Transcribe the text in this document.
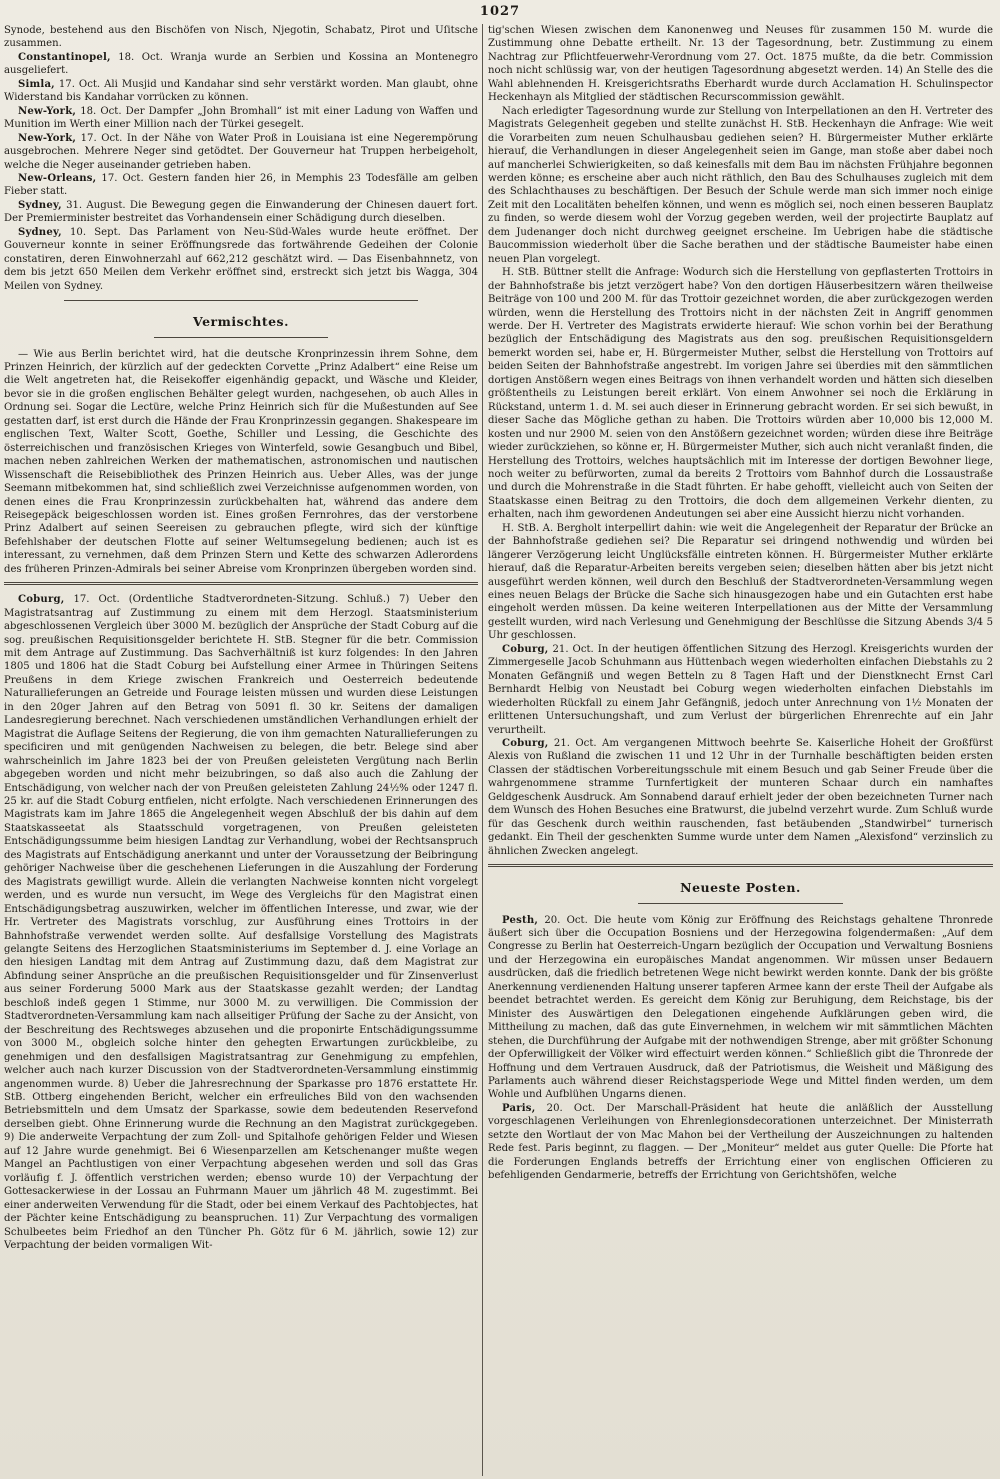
1027

Synode, bestehend aus den Bischöfen von Nisch, Njegotin, Schabatz, Pirot und Uſitsche zusammen.

Constantinopel, 18. Oct. Wranja wurde an Serbien und Kossina an Montenegro ausgeliefert.

Simla, 17. Oct. Ali Musjid und Kandahar sind sehr verstärkt worden. Man glaubt, ohne Widerstand bis Kandahar vorrücken zu können.

New-York, 18. Oct. Der Dampfer „John Bromhall“ ist mit einer Ladung von Waffen und Munition im Werth einer Million nach der Türkei gesegelt.

New-York, 17. Oct. In der Nähe von Water Proß in Louisiana ist eine Negerempörung ausgebrochen. Mehrere Neger sind getödtet. Der Gouverneur hat Truppen herbeigeholt, welche die Neger auseinander getrieben haben.

New-Orleans, 17. Oct. Gestern fanden hier 26, in Memphis 23 Todesfälle am gelben Fieber statt.

Sydney, 31. August. Die Bewegung gegen die Einwanderung der Chinesen dauert fort. Der Premierminister bestreitet das Vorhandensein einer Schädigung durch dieselben.

Sydney, 10. Sept. Das Parlament von Neu-Süd-Wales wurde heute eröffnet. Der Gouverneur konnte in seiner Eröffnungsrede das fortwährende Gedeihen der Colonie constatiren, deren Einwohnerzahl auf 662,212 geschätzt wird. — Das Eisenbahnnetz, von dem bis jetzt 650 Meilen dem Verkehr eröffnet sind, erstreckt sich jetzt bis Wagga, 304 Meilen von Sydney.

Vermischtes.

— Wie aus Berlin berichtet wird, hat die deutsche Kronprinzessin ihrem Sohne, dem Prinzen Heinrich, der kürzlich auf der gedeckten Corvette „Prinz Adalbert“ eine Reise um die Welt angetreten hat, die Reisekoffer eigenhändig gepackt, und Wäsche und Kleider, bevor sie in die großen englischen Behälter gelegt wurden, nachgesehen, ob auch Alles in Ordnung sei. Sogar die Lectüre, welche Prinz Heinrich sich für die Mußestunden auf See gestatten darf, ist erst durch die Hände der Frau Kronprinzessin gegangen. Shakespeare im englischen Text, Walter Scott, Goethe, Schiller und Lessing, die Geschichte des österreichischen und französischen Krieges von Winterfeld, sowie Gesangbuch und Bibel, machen neben zahlreichen Werken der mathematischen, astronomischen und nautischen Wissenschaft die Reisebibliothek des Prinzen Heinrich aus. Ueber Alles, was der junge Seemann mitbekommen hat, sind schließlich zwei Verzeichnisse aufgenommen worden, von denen eines die Frau Kronprinzessin zurückbehalten hat, während das andere dem Reisegepäck beigeschlossen worden ist. Eines großen Fernrohres, das der verstorbene Prinz Adalbert auf seinen Seereisen zu gebrauchen pflegte, wird sich der künftige Befehlshaber der deutschen Flotte auf seiner Weltumsegelung bedienen; auch ist es interessant, zu vernehmen, daß dem Prinzen Stern und Kette des schwarzen Adlerordens des früheren Prinzen-Admirals bei seiner Abreise vom Kronprinzen übergeben worden sind.

Coburg, 17. Oct. (Ordentliche Stadtverordneten-Sitzung. Schluß.) 7) Ueber den Magistratsantrag auf Zustimmung zu einem mit dem Herzogl. Staatsministerium abgeschlossenen Vergleich über 3000 M. bezüglich der Ansprüche der Stadt Coburg auf die sog. preußischen Requisitionsgelder berichtete H. StB. Stegner für die betr. Commission mit dem Antrage auf Zustimmung. Das Sachverhältniß ist kurz folgendes: In den Jahren 1805 und 1806 hat die Stadt Coburg bei Aufstellung einer Armee in Thüringen Seitens Preußens in dem Kriege zwischen Frankreich und Oesterreich bedeutende Naturallieferungen an Getreide und Fourage leisten müssen und wurden diese Leistungen in den 20ger Jahren auf den Betrag von 5091 fl. 30 kr. Seitens der damaligen Landesregierung berechnet. Nach verschiedenen umständlichen Verhandlungen erhielt der Magistrat die Auflage Seitens der Regierung, die von ihm gemachten Naturallieferungen zu specificiren und mit genügenden Nachweisen zu belegen, die betr. Belege sind aber wahrscheinlich im Jahre 1823 bei der von Preußen geleisteten Vergütung nach Berlin abgegeben worden und nicht mehr beizubringen, so daß also auch die Zahlung der Entschädigung, von welcher nach der von Preußen geleisteten Zahlung 24½% oder 1247 fl. 25 kr. auf die Stadt Coburg entfielen, nicht erfolgte. Nach verschiedenen Erinnerungen des Magistrats kam im Jahre 1865 die Angelegenheit wegen Abschluß der bis dahin auf dem Staatskasseetat als Staatsschuld vorgetragenen, von Preußen geleisteten Entschädigungssumme beim hiesigen Landtag zur Verhandlung, wobei der Rechtsanspruch des Magistrats auf Entschädigung anerkannt und unter der Voraussetzung der Beibringung gehöriger Nachweise über die geschehenen Lieferungen in die Auszahlung der Forderung des Magistrats gewilligt wurde. Allein die verlangten Nachweise konnten nicht vorgelegt werden, und es wurde nun versucht, im Wege des Vergleichs für den Magistrat einen Entschädigungsbetrag auszuwirken, welcher im öffentlichen Interesse, und zwar, wie der Hr. Vertreter des Magistrats vorschlug, zur Ausführung eines Trottoirs in der Bahnhofstraße verwendet werden sollte. Auf desfallsige Vorstellung des Magistrats gelangte Seitens des Herzoglichen Staatsministeriums im September d. J. eine Vorlage an den hiesigen Landtag mit dem Antrag auf Zustimmung dazu, daß dem Magistrat zur Abfindung seiner Ansprüche an die preußischen Requisitionsgelder und für Zinsenverlust aus seiner Forderung 5000 Mark aus der Staatskasse gezahlt werden; der Landtag beschloß indeß gegen 1 Stimme, nur 3000 M. zu verwilligen. Die Commission der Stadtverordneten-Versammlung kam nach allseitiger Prüfung der Sache zu der Ansicht, von der Beschreitung des Rechtsweges abzusehen und die proponirte Entschädigungssumme von 3000 M., obgleich solche hinter den gehegten Erwartungen zurückbleibe, zu genehmigen und den desfallsigen Magistratsantrag zur Genehmigung zu empfehlen, welcher auch nach kurzer Discussion von der Stadtverordneten-Versammlung einstimmig angenommen wurde. 8) Ueber die Jahresrechnung der Sparkasse pro 1876 erstattete Hr. StB. Ottberg eingehenden Bericht, welcher ein erfreuliches Bild von den wachsenden Betriebsmitteln und dem Umsatz der Sparkasse, sowie dem bedeutenden Reservefond derselben giebt. Ohne Erinnerung wurde die Rechnung an den Magistrat zurückgegeben. 9) Die anderweite Verpachtung der zum Zoll- und Spitalhofe gehörigen Felder und Wiesen auf 12 Jahre wurde genehmigt. Bei 6 Wiesenparzellen am Ketschenanger mußte wegen Mangel an Pachtlustigen von einer Verpachtung abgesehen werden und soll das Gras vorläufig f. J. öffentlich verstrichen werden; ebenso wurde 10) der Verpachtung der Gottesackerwiese in der Lossau an Fuhrmann Mauer um jährlich 48 M. zugestimmt. Bei einer anderweiten Verwendung für die Stadt, oder bei einem Verkauf des Pachtobjectes, hat der Pächter keine Entschädigung zu beanspruchen. 11) Zur Verpachtung des vormaligen Schulbeetes beim Friedhof an den Tüncher Ph. Götz für 6 M. jährlich, sowie 12) zur Verpachtung der beiden vormaligen Wit-

tig'schen Wiesen zwischen dem Kanonenweg und Neuses für zusammen 150 M. wurde die Zustimmung ohne Debatte ertheilt. Nr. 13 der Tagesordnung, betr. Zustimmung zu einem Nachtrag zur Pflichtfeuerwehr-Verordnung vom 27. Oct. 1875 mußte, da die betr. Commission noch nicht schlüssig war, von der heutigen Tagesordnung abgesetzt werden. 14) An Stelle des die Wahl ablehnenden H. Kreisgerichtsraths Eberhardt wurde durch Acclamation H. Schulinspector Heckenhayn als Mitglied der städtischen Recurscommission gewählt.

Nach erledigter Tagesordnung wurde zur Stellung von Interpellationen an den H. Vertreter des Magistrats Gelegenheit gegeben und stellte zunächst H. StB. Heckenhayn die Anfrage: Wie weit die Vorarbeiten zum neuen Schulhausbau gediehen seien? H. Bürgermeister Muther erklärte hierauf, die Verhandlungen in dieser Angelegenheit seien im Gange, man stoße aber dabei noch auf mancherlei Schwierigkeiten, so daß keinesfalls mit dem Bau im nächsten Frühjahre begonnen werden könne; es erscheine aber auch nicht räthlich, den Bau des Schulhauses zugleich mit dem des Schlachthauses zu beschäftigen. Der Besuch der Schule werde man sich immer noch einige Zeit mit den Localitäten behelfen können, und wenn es möglich sei, noch einen besseren Bauplatz zu finden, so werde diesem wohl der Vorzug gegeben werden, weil der projectirte Bauplatz auf dem Judenanger doch nicht durchweg geeignet erscheine. Im Uebrigen habe die städtische Baucommission wiederholt über die Sache berathen und der städtische Baumeister habe einen neuen Plan vorgelegt.

H. StB. Büttner stellt die Anfrage: Wodurch sich die Herstellung von gepflasterten Trottoirs in der Bahnhofstraße bis jetzt verzögert habe? Von den dortigen Häuserbesitzern wären theilweise Beiträge von 100 und 200 M. für das Trottoir gezeichnet worden, die aber zurückgezogen werden würden, wenn die Herstellung des Trottoirs nicht in der nächsten Zeit in Angriff genommen werde. Der H. Vertreter des Magistrats erwiderte hierauf: Wie schon vorhin bei der Berathung bezüglich der Entschädigung des Magistrats aus den sog. preußischen Requisitionsgeldern bemerkt worden sei, habe er, H. Bürgermeister Muther, selbst die Herstellung von Trottoirs auf beiden Seiten der Bahnhofstraße angestrebt. Im vorigen Jahre sei überdies mit den sämmtlichen dortigen Anstößern wegen eines Beitrags von ihnen verhandelt worden und hätten sich dieselben größtentheils zu Leistungen bereit erklärt. Von einem Anwohner sei noch die Erklärung in Rückstand, unterm 1. d. M. sei auch dieser in Erinnerung gebracht worden. Er sei sich bewußt, in dieser Sache das Mögliche gethan zu haben. Die Trottoirs würden aber 10,000 bis 12,000 M. kosten und nur 2900 M. seien von den Anstößern gezeichnet worden; würden diese ihre Beiträge wieder zurückziehen, so könne er, H. Bürgermeister Muther, sich auch nicht veranlaßt finden, die Herstellung des Trottoirs, welches hauptsächlich mit im Interesse der dortigen Bewohner liege, noch weiter zu befürworten, zumal da bereits 2 Trottoirs vom Bahnhof durch die Lossaustraße und durch die Mohrenstraße in die Stadt führten. Er habe gehofft, vielleicht auch von Seiten der Staatskasse einen Beitrag zu den Trottoirs, die doch dem allgemeinen Verkehr dienten, zu erhalten, nach ihm gewordenen Andeutungen sei aber eine Aussicht hierzu nicht vorhanden.

H. StB. A. Bergholt interpellirt dahin: wie weit die Angelegenheit der Reparatur der Brücke an der Bahnhofstraße gediehen sei? Die Reparatur sei dringend nothwendig und würden bei längerer Verzögerung leicht Unglücksfälle eintreten können. H. Bürgermeister Muther erklärte hierauf, daß die Reparatur-Arbeiten bereits vergeben seien; dieselben hätten aber bis jetzt nicht ausgeführt werden können, weil durch den Beschluß der Stadtverordneten-Versammlung wegen eines neuen Belags der Brücke die Sache sich hinausgezogen habe und ein Gutachten erst habe eingeholt werden müssen. Da keine weiteren Interpellationen aus der Mitte der Versammlung gestellt wurden, wird nach Verlesung und Genehmigung der Beschlüsse die Sitzung Abends 3/4 5 Uhr geschlossen.

Coburg, 21. Oct. In der heutigen öffentlichen Sitzung des Herzogl. Kreisgerichts wurden der Zimmergeselle Jacob Schuhmann aus Hüttenbach wegen wiederholten einfachen Diebstahls zu 2 Monaten Gefängniß und wegen Betteln zu 8 Tagen Haft und der Dienstknecht Ernst Carl Bernhardt Helbig von Neustadt bei Coburg wegen wiederholten einfachen Diebstahls im wiederholten Rückfall zu einem Jahr Gefängniß, jedoch unter Anrechnung von 1½ Monaten der erlittenen Untersuchungshaft, und zum Verlust der bürgerlichen Ehrenrechte auf ein Jahr verurtheilt.

Coburg, 21. Oct. Am vergangenen Mittwoch beehrte Se. Kaiserliche Hoheit der Großfürst Alexis von Rußland die zwischen 11 und 12 Uhr in der Turnhalle beschäftigten beiden ersten Classen der städtischen Vorbereitungsschule mit einem Besuch und gab Seiner Freude über die wahrgenommene stramme Turnfertigkeit der munteren Schaar durch ein namhaftes Geldgeschenk Ausdruck. Am Sonnabend darauf erhielt jeder der oben bezeichneten Turner nach dem Wunsch des Hohen Besuches eine Bratwurst, die jubelnd verzehrt wurde. Zum Schluß wurde für das Geschenk durch weithin rauschenden, fast betäubenden „Standwirbel“ turnerisch gedankt. Ein Theil der geschenkten Summe wurde unter dem Namen „Alexisfond“ verzinslich zu ähnlichen Zwecken angelegt.

Neueste Posten.

Pesth, 20. Oct. Die heute vom König zur Eröffnung des Reichstags gehaltene Thronrede äußert sich über die Occupation Bosniens und der Herzegowina folgendermaßen: „Auf dem Congresse zu Berlin hat Oesterreich-Ungarn bezüglich der Occupation und Verwaltung Bosniens und der Herzegowina ein europäisches Mandat angenommen. Wir müssen unser Bedauern ausdrücken, daß die friedlich betretenen Wege nicht bewirkt werden konnte. Dank der bis größte Anerkennung verdienenden Haltung unserer tapferen Armee kann der erste Theil der Aufgabe als beendet betrachtet werden. Es gereicht dem König zur Beruhigung, dem Reichstage, bis der Minister des Auswärtigen den Delegationen eingehende Aufklärungen geben wird, die Mittheilung zu machen, daß das gute Einvernehmen, in welchem wir mit sämmtlichen Mächten stehen, die Durchführung der Aufgabe mit der nothwendigen Strenge, aber mit größter Schonung der Opferwilligkeit der Völker wird effectuirt werden können.“ Schließlich gibt die Thronrede der Hoffnung und dem Vertrauen Ausdruck, daß der Patriotismus, die Weisheit und Mäßigung des Parlaments auch während dieser Reichstagsperiode Wege und Mittel finden werden, um dem Wohle und Aufblühen Ungarns dienen.

Paris, 20. Oct. Der Marschall-Präsident hat heute die anläßlich der Ausstellung vorgeschlagenen Verleihungen von Ehrenlegionsdecorationen unterzeichnet. Der Ministerrath setzte den Wortlaut der von Mac Mahon bei der Vertheilung der Auszeichnungen zu haltenden Rede fest. Paris beginnt, zu flaggen. — Der „Moniteur“ meldet aus guter Quelle: Die Pforte hat die Forderungen Englands betreffs der Errichtung einer von englischen Officieren zu befehligenden Gendarmerie, betreffs der Errichtung von Gerichtshöfen, welche
